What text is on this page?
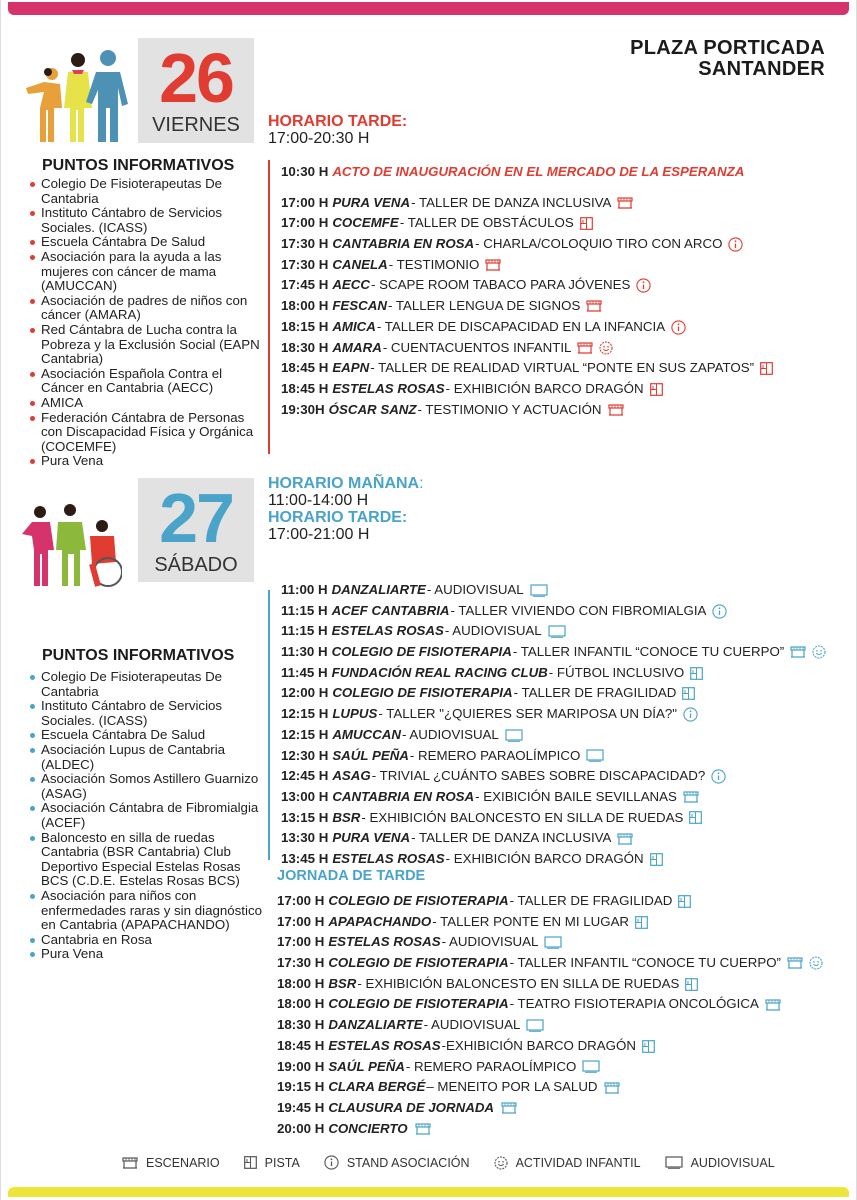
PLAZA PORTICADA
SANTANDER
26
VIERNES	HORARIO TARDE:
17:00-20:30 H
PUNTOS INFORMATIVOS
Colegio De Fisioterapeutas De Cantabria
Instituto Cántabro de Servicios Sociales. (ICASS)
Escuela Cántabra De Salud
Asociación para la ayuda a las mujeres con cáncer de mama (AMUCCAN)
Asociación de padres de niños con cáncer (AMARA)
Red Cántabra de Lucha contra la Pobreza y la Exclusión Social (EAPN Cantabria)
Asociación Española Contra el Cáncer en Cantabria (AECC)
AMICA
Federación Cántabra de Personas con Discapacidad Física y Orgánica (COCEMFE)
Pura Vena
10:30 H ACTO DE INAUGURACIÓN EN EL MERCADO DE LA ESPERANZA
17:00 H PURA VENA - TALLER DE DANZA INCLUSIVA
17:00 H COCEMFE - TALLER DE OBSTÁCULOS
17:30 H CANTABRIA EN ROSA - CHARLA/COLOQUIO TIRO CON ARCO
17:30 H CANELA - TESTIMONIO
17:45 H AECC - SCAPE ROOM TABACO PARA JÓVENES
18:00 H FESCAN - TALLER LENGUA DE SIGNOS
18:15 H AMICA - TALLER DE DISCAPACIDAD EN LA INFANCIA
18:30 H AMARA - CUENTACUENTOS INFANTIL
18:45 H EAPN - TALLER DE REALIDAD VIRTUAL “PONTE EN SUS ZAPATOS”
18:45 H ESTELAS ROSAS - EXHIBICIÓN BARCO DRAGÓN
19:30H ÓSCAR SANZ - TESTIMONIO Y ACTUACIÓN
27
SÁBADO
HORARIO MAÑANA:
11:00-14:00 H
HORARIO TARDE:
17:00-21:00 H
PUNTOS INFORMATIVOS
Colegio De Fisioterapeutas De Cantabria
Instituto Cántabro de Servicios Sociales. (ICASS)
Escuela Cántabra De Salud
Asociación Lupus de Cantabria (ALDEC)
Asociación Somos Astillero Guarnizo (ASAG)
Asociación Cántabra de Fibromialgia (ACEF)
Baloncesto en silla de ruedas Cantabria (BSR Cantabria) Club Deportivo Especial Estelas Rosas BCS (C.D.E. Estelas Rosas BCS)
Asociación para niños con enfermedades raras y sin diagnóstico en Cantabria (APAPACHANDO)
Cantabria en Rosa
Pura Vena
11:00 H DANZALIARTE - AUDIOVISUAL
11:15 H ACEF CANTABRIA - TALLER VIVIENDO CON FIBROMIALGIA
11:15 H ESTELAS ROSAS - AUDIOVISUAL
11:30 H COLEGIO DE FISIOTERAPIA - TALLER INFANTIL “CONOCE TU CUERPO”
11:45 H FUNDACIÓN REAL RACING CLUB - FÚTBOL INCLUSIVO
12:00 H COLEGIO DE FISIOTERAPIA - TALLER DE FRAGILIDAD
12:15 H LUPUS - TALLER "¿QUIERES SER MARIPOSA UN DÍA?"
12:15 H AMUCCAN - AUDIOVISUAL
12:30 H SAÚL PEÑA - REMERO PARAOLÍMPICO
12:45 H ASAG - TRIVIAL ¿CUÁNTO SABES SOBRE DISCAPACIDAD?
13:00 H CANTABRIA EN ROSA - EXIBICIÓN BAILE SEVILLANAS
13:15 H BSR - EXHIBICIÓN BALONCESTO EN SILLA DE RUEDAS
13:30 H PURA VENA - TALLER DE DANZA INCLUSIVA
13:45 H ESTELAS ROSAS - EXHIBICIÓN BARCO DRAGÓN
JORNADA DE TARDE
17:00 H COLEGIO DE FISIOTERAPIA - TALLER DE FRAGILIDAD
17:00 H APAPACHANDO - TALLER PONTE EN MI LUGAR
17:00 H ESTELAS ROSAS - AUDIOVISUAL
17:30 H COLEGIO DE FISIOTERAPIA - TALLER INFANTIL “CONOCE TU CUERPO”
18:00 H BSR - EXHIBICIÓN BALONCESTO EN SILLA DE RUEDAS
18:00 H COLEGIO DE FISIOTERAPIA - TEATRO FISIOTERAPIA ONCOLÓGICA
18:30 H DANZALIARTE - AUDIOVISUAL
18:45 H ESTELAS ROSAS -EXHIBICIÓN BARCO DRAGÓN
19:00 H SAÚL PEÑA - REMERO PARAOLÍMPICO
19:15 H CLARA BERGÉ – MENEITO POR LA SALUD
19:45 H CLAUSURA DE JORNADA
20:00 H CONCIERTO
ESCENARIO	PISTA	STAND ASOCIACIÓN	ACTIVIDAD INFANTIL	AUDIOVISUAL
